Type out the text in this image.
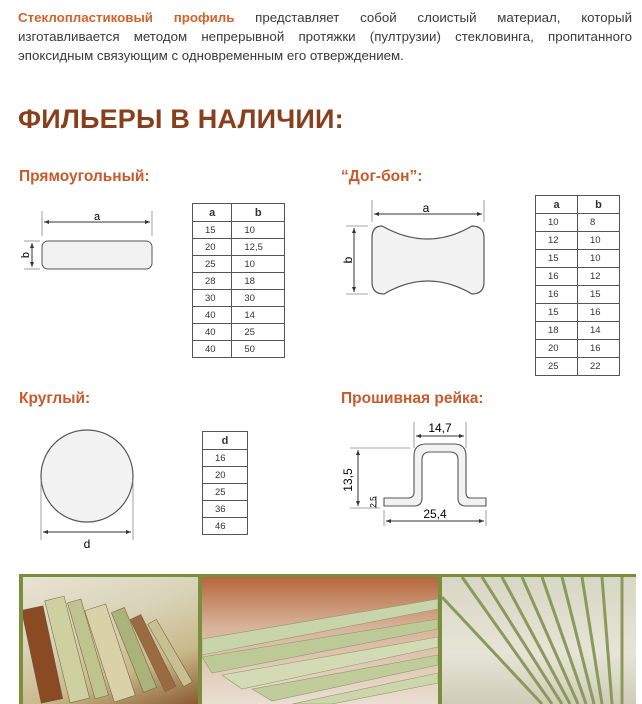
Стеклопластиковый профиль представляет собой слоистый материал, который изготавливается методом непрерывной протяжки (пултрузии) стекловинга, пропитанного эпоксидным связующим с одновременным его отверждением.
ФИЛЬЕРЫ В НАЛИЧИИ:
Прямоугольный:
a
b
a	b
15	10
20	12,5
25	10
28	18
30	30
40	14
40	25
40	50
“Дог-бон”:
a
b
a	b
10	8
12	10
15	10
16	12
16	15
15	16
18	14
20	16
25	22
Круглый:
d
d
16
20
25
36
46
Прошивная рейка:
14,7
13,5
2,5
25,4
